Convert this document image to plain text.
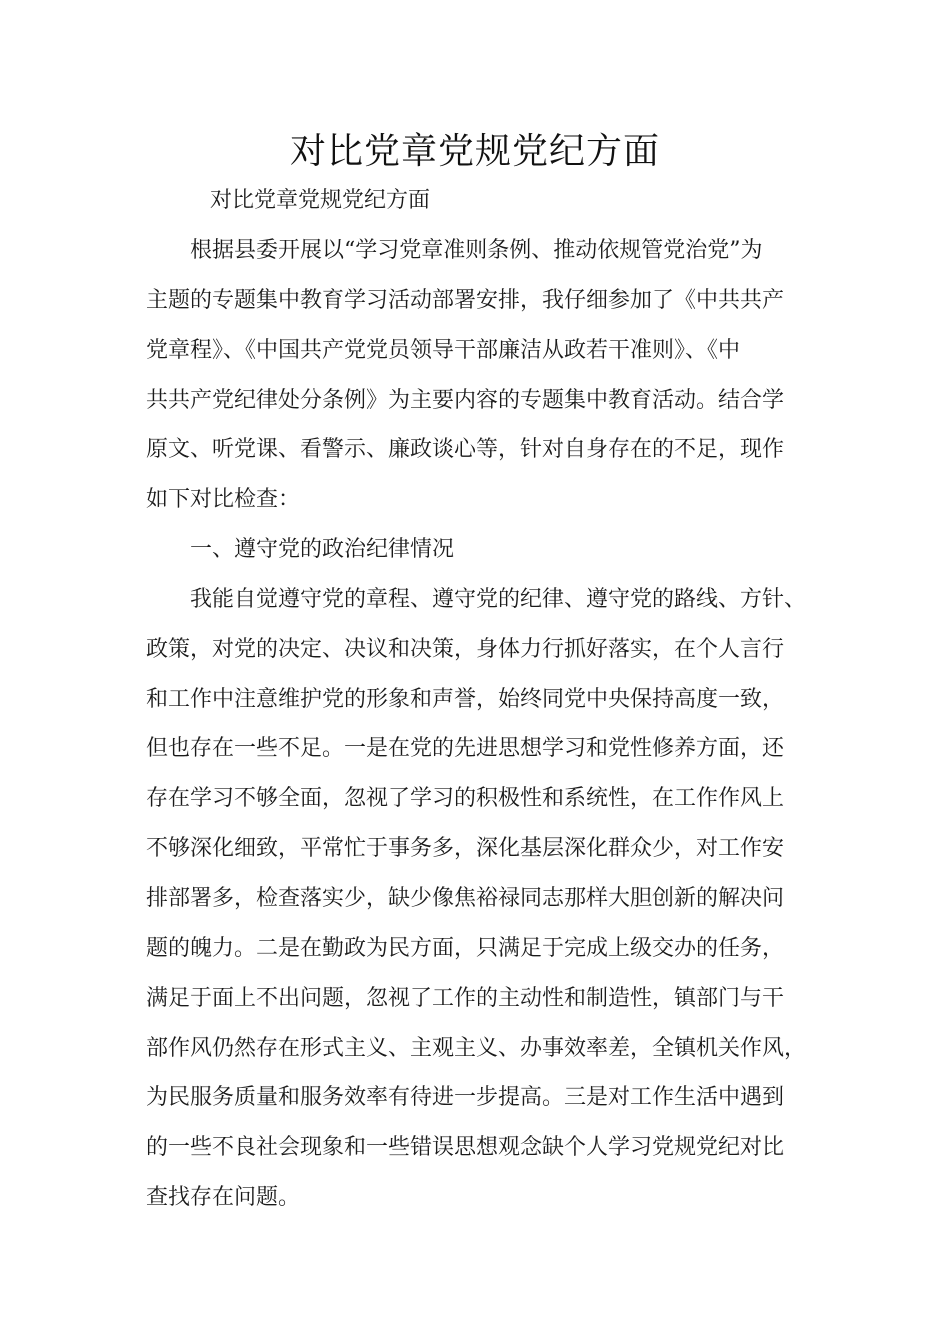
对比党章党规党纪方面
对比党章党规党纪方面
根据县委开展以“学习党章准则条例、推动依规管党治党”为
主题的专题集中教育学习活动部署安排，我仔细参加了《中共共产
党章程》、《中国共产党党员领导干部廉洁从政若干准则》、《中
共共产党纪律处分条例》为主要内容的专题集中教育活动。结合学
原文、听党课、看警示、廉政谈心等，针对自身存在的不足，现作
如下对比检查：
一、遵守党的政治纪律情况
我能自觉遵守党的章程、遵守党的纪律、遵守党的路线、方针、
政策，对党的决定、决议和决策，身体力行抓好落实，在个人言行
和工作中注意维护党的形象和声誉，始终同党中央保持高度一致，
但也存在一些不足。一是在党的先进思想学习和党性修养方面，还
存在学习不够全面，忽视了学习的积极性和系统性，在工作作风上
不够深化细致，平常忙于事务多，深化基层深化群众少，对工作安
排部署多，检查落实少，缺少像焦裕禄同志那样大胆创新的解决问
题的魄力。二是在勤政为民方面，只满足于完成上级交办的任务，
满足于面上不出问题，忽视了工作的主动性和制造性，镇部门与干
部作风仍然存在形式主义、主观主义、办事效率差，全镇机关作风，
为民服务质量和服务效率有待进一步提高。三是对工作生活中遇到
的一些不良社会现象和一些错误思想观念缺个人学习党规党纪对比
查找存在问题。
